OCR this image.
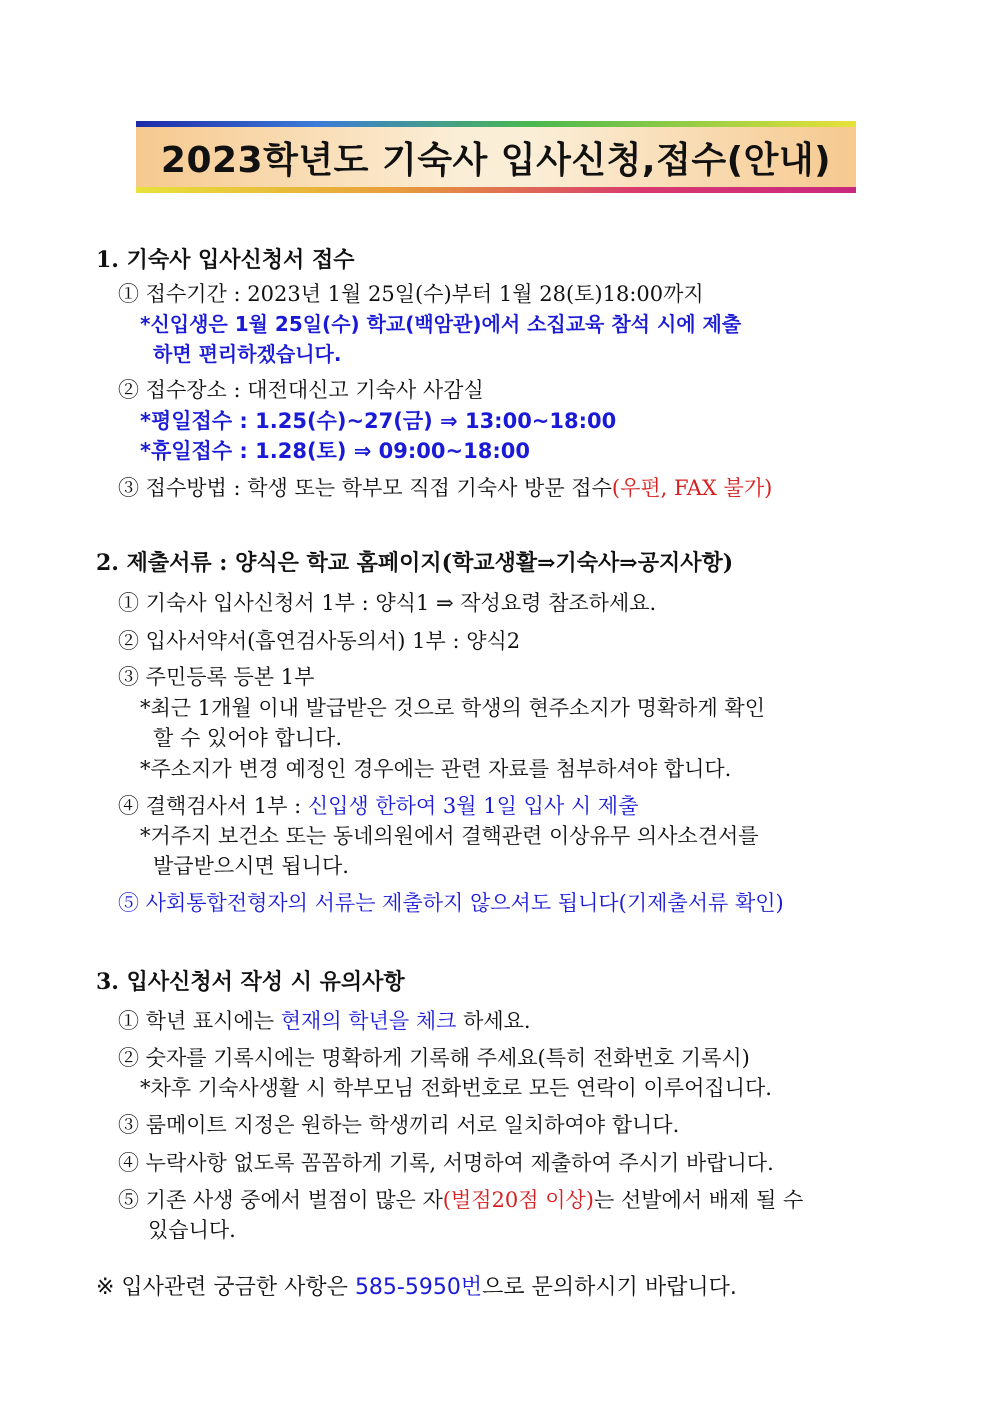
2023학년도 기숙사 입사신청,접수(안내)
1. 기숙사 입사신청서 접수
① 접수기간 : 2023년 1월 25일(수)부터 1월 28(토)18:00까지
*신입생은 1월 25일(수) 학교(백암관)에서 소집교육 참석 시에 제출
하면 편리하겠습니다.
② 접수장소 : 대전대신고 기숙사 사감실
*평일접수 : 1.25(수)~27(금) ⇒ 13:00~18:00
*휴일접수 : 1.28(토) ⇒ 09:00~18:00
③ 접수방법 : 학생 또는 학부모 직접 기숙사 방문 접수(우편, FAX 불가)
2. 제출서류 : 양식은 학교 홈페이지(학교생활⇒기숙사⇒공지사항)
① 기숙사 입사신청서 1부 : 양식1 ⇒ 작성요령 참조하세요.
② 입사서약서(흡연검사동의서) 1부 : 양식2
③ 주민등록 등본 1부
*최근 1개월 이내 발급받은 것으로 학생의 현주소지가 명확하게 확인
할 수 있어야 합니다.
*주소지가 변경 예정인 경우에는 관련 자료를 첨부하셔야 합니다.
④ 결핵검사서 1부 : 신입생 한하여 3월 1일 입사 시 제출
*거주지 보건소 또는 동네의원에서 결핵관련 이상유무 의사소견서를
발급받으시면 됩니다.
⑤ 사회통합전형자의 서류는 제출하지 않으셔도 됩니다(기제출서류 확인)
3. 입사신청서 작성 시 유의사항
① 학년 표시에는 현재의 학년을 체크 하세요.
② 숫자를 기록시에는 명확하게 기록해 주세요(특히 전화번호 기록시)
*차후 기숙사생활 시 학부모님 전화번호로 모든 연락이 이루어집니다.
③ 룸메이트 지정은 원하는 학생끼리 서로 일치하여야 합니다.
④ 누락사항 없도록 꼼꼼하게 기록, 서명하여 제출하여 주시기 바랍니다.
⑤ 기존 사생 중에서 벌점이 많은 자(벌점20점 이상)는 선발에서 배제 될 수
있습니다.
※ 입사관련 궁금한 사항은 585-5950번으로 문의하시기 바랍니다.
